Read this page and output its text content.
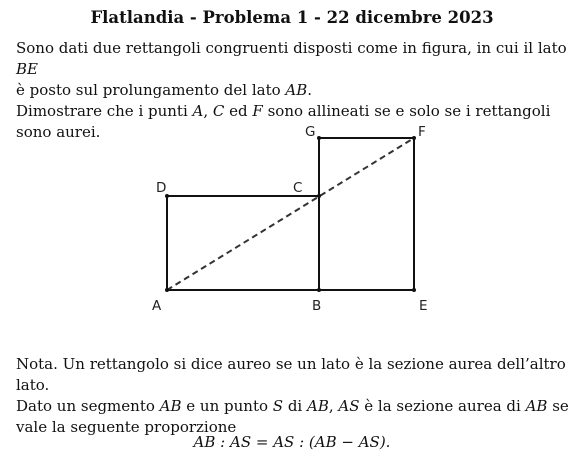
Flatlandia - Problema 1 - 22 dicembre 2023
Sono dati due rettangoli congruenti disposti come in figura, in cui il lato BE
è posto sul prolungamento del lato AB.
Dimostrare che i punti A, C ed F sono allineati se e solo se i rettangoli sono aurei.
A	B	E
C
D
G	F
Nota. Un rettangolo si dice aureo se un lato è la sezione aurea dell’altro lato.
Dato un segmento AB e un punto S di AB, AS è la sezione aurea di AB se vale la seguente proporzione
AB : AS = AS : (AB − AS).
